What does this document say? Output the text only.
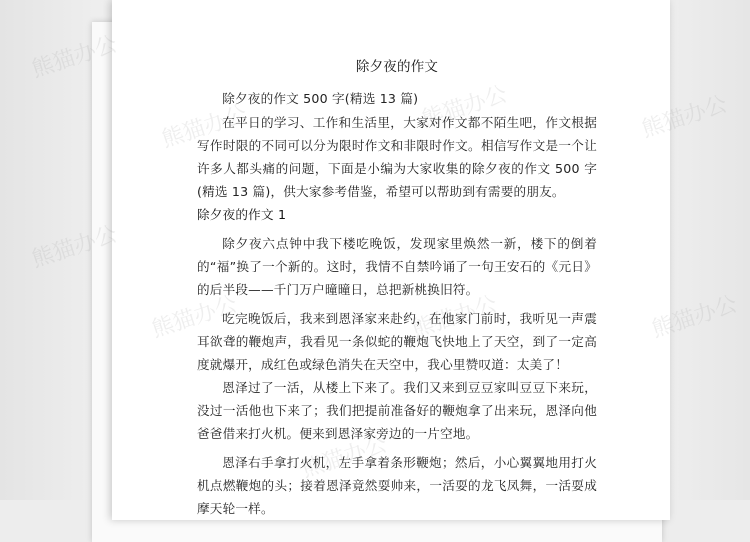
熊猫办公
熊猫办公
熊猫办公
熊猫办公
除夕夜的作文

除夕夜的作文 500 字(精选 13 篇)

在平日的学习、工作和生活里，大家对作文都不陌生吧，作文根据写作时限的不同可以分为限时作文和非限时作文。相信写作文是一个让许多人都头痛的问题，下面是小编为大家收集的除夕夜的作文 500 字(精选 13 篇)，供大家参考借鉴，希望可以帮助到有需要的朋友。

除夕夜的作文 1

除夕夜六点钟中我下楼吃晚饭，发现家里焕然一新，楼下的倒着的“福”换了一个新的。这时，我情不自禁吟诵了一句王安石的《元日》的后半段——千门万户曈曈日，总把新桃换旧符。

吃完晚饭后，我来到恩泽家来赴约，在他家门前时，我听见一声震耳欲聋的鞭炮声，我看见一条似蛇的鞭炮飞快地上了天空，到了一定高度就爆开，成红色或绿色消失在天空中，我心里赞叹道：太美了！

恩泽过了一活，从楼上下来了。我们又来到豆豆家叫豆豆下来玩，没过一活他也下来了；我们把提前准备好的鞭炮拿了出来玩，恩泽向他爸爸借来打火机。便来到恩泽家旁边的一片空地。

恩泽右手拿打火机，左手拿着条形鞭炮；然后，小心翼翼地用打火机点燃鞭炮的头；接着恩泽竟然耍帅来，一活耍的龙飞凤舞，一活耍成摩天轮一样。
